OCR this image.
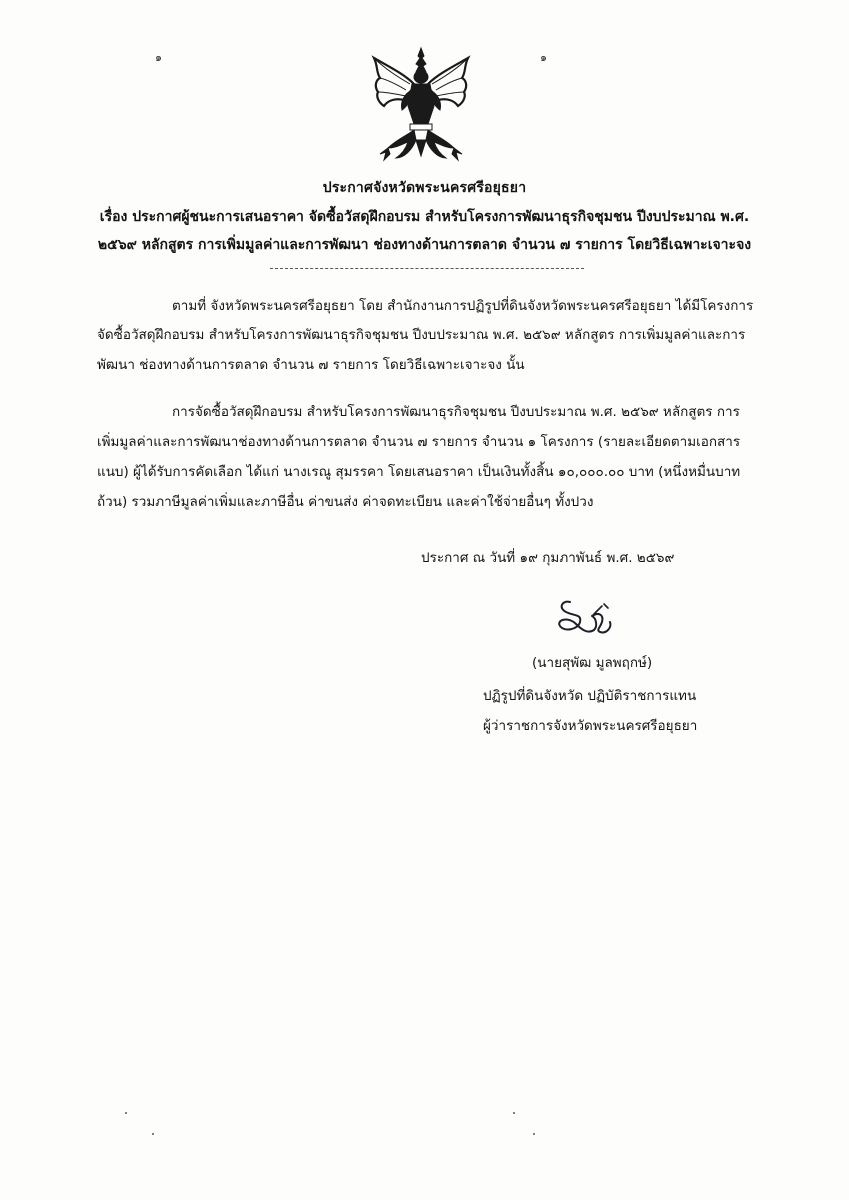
๑	๑
ประกาศจังหวัดพระนครศรีอยุธยา
เรื่อง ประกาศผู้ชนะการเสนอราคา จัดซื้อวัสดุฝึกอบรม สำหรับโครงการพัฒนาธุรกิจชุมชน ปีงบประมาณ พ.ศ.
๒๕๖๙ หลักสูตร การเพิ่มมูลค่าและการพัฒนา ช่องทางด้านการตลาด จำนวน ๗ รายการ โดยวิธีเฉพาะเจาะจง
ตามที่ จังหวัดพระนครศรีอยุธยา โดย สำนักงานการปฏิรูปที่ดินจังหวัดพระนครศรีอยุธยา ได้มีโครงการ
จัดซื้อวัสดุฝึกอบรม สำหรับโครงการพัฒนาธุรกิจชุมชน ปีงบประมาณ พ.ศ. ๒๕๖๙ หลักสูตร การเพิ่มมูลค่าและการ
พัฒนา ช่องทางด้านการตลาด จำนวน ๗ รายการ โดยวิธีเฉพาะเจาะจง นั้น
การจัดซื้อวัสดุฝึกอบรม สำหรับโครงการพัฒนาธุรกิจชุมชน ปีงบประมาณ พ.ศ. ๒๕๖๙ หลักสูตร การ
เพิ่มมูลค่าและการพัฒนาช่องทางด้านการตลาด จำนวน ๗ รายการ จำนวน ๑ โครงการ (รายละเอียดตามเอกสาร
แนบ) ผู้ได้รับการคัดเลือก ได้แก่ นางเรณู สุมรรคา โดยเสนอราคา เป็นเงินทั้งสิ้น ๑๐,๐๐๐.๐๐ บาท (หนึ่งหมื่นบาท
ถ้วน) รวมภาษีมูลค่าเพิ่มและภาษีอื่น ค่าขนส่ง ค่าจดทะเบียน และค่าใช้จ่ายอื่นๆ ทั้งปวง
ประกาศ ณ วันที่ ๑๙ กุมภาพันธ์ พ.ศ. ๒๕๖๙
(นายสุพัฒ มูลพฤกษ์)
ปฏิรูปที่ดินจังหวัด ปฏิบัติราชการแทน
ผู้ว่าราชการจังหวัดพระนครศรีอยุธยา
